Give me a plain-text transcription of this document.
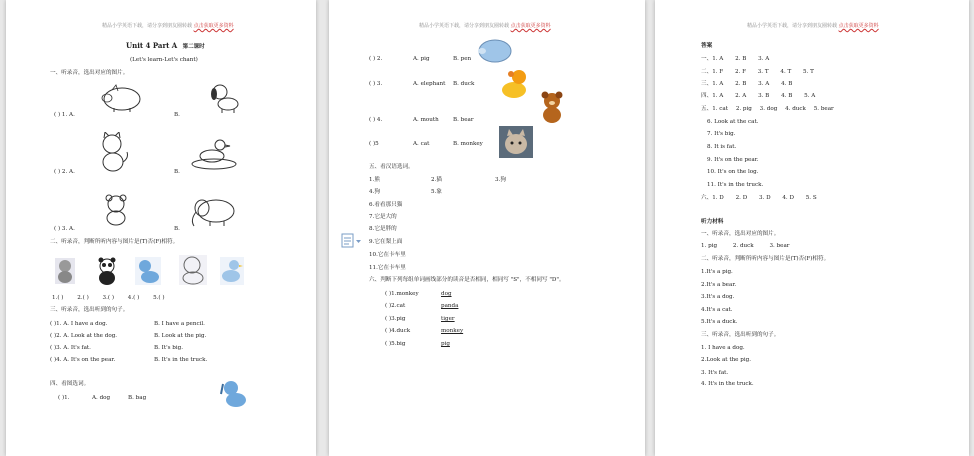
精品小学英语下载，请分享到朋友圈转载 点击获取更多资料
Unit 4 Part A 第二课时
(Let's learn-Let's chant)
一、听录音，选出对应的图片。
( ) 1. A.	B.
( ) 2. A.	B.
( ) 3. A.	B.
二、听录音，判断所听内容与图片是(T)否(F)相符。
1.( ) 2.( ) 3.( ) 4.( ) 5.( )
三、听录音，选出听到的句子。
( )1. A. I have a dog.	B. I have a pencil.
( )2. A. Look at the dog.	B. Look at the pig.
( )3. A. It's fat.	B. It's big.
( )4. A. It's on the pear.	B. It's in the truck.
四、看图选词。
( )1.	A. dog	B. bag
精品小学英语下载，请分享到朋友圈转载 点击获取更多资料
( ) 2.	A. pig	B. pen
( ) 3.	A. elephant B. duck
( ) 4.	A. mouth	B. bear
( )5	A. cat	B. monkey
五、看汉语选词。
1.熊	2.猫	3.狗
4.狗	5.象
6.看看那只猫
7.它是大的
8.它是胖的
9.它在梨上面
10.它在卡车里
11.它在卡车里
六、判断下列每组单词画线部分的读音是否相同，相同写 "S"，不相同写 "D"。
( )1.monkey	dog
( )2.cat	panda
( )3.pig	tiger
( )4.duck	monkey
( )5.big	pig
精品小学英语下载，请分享到朋友圈转载 点击获取更多资料
答案
一、1. A 2. B 3. A
二、1. F 2. F 3. T 4. T 5. T
三、1. A 2. B 3. A 4. B
四、1. A 2. A 3. B 4. B 5. A
五、1. cat 2. pig 3. dog 4. duck 5. bear
6. Look at the cat.
7. It's big.
8. It is fat.
9. It's on the pear.
10. It's on the log.
11. It's in the truck.
六、1. D 2. D 3. D 4. D 5. S
听力材料
一、听录音，选出对应的图片。
1. pig	2. duck	3. bear
二、听录音，判断所听内容与图片是(T)否(F)相符。
1.It's a pig.
2.It's a bear.
3.It's a dog.
4.It's a cat.
5.It's a duck.
三、听录音，选出听到的句子。
1. I have a dog.
2.Look at the pig.
3. It's fat.
4. It's in the truck.
